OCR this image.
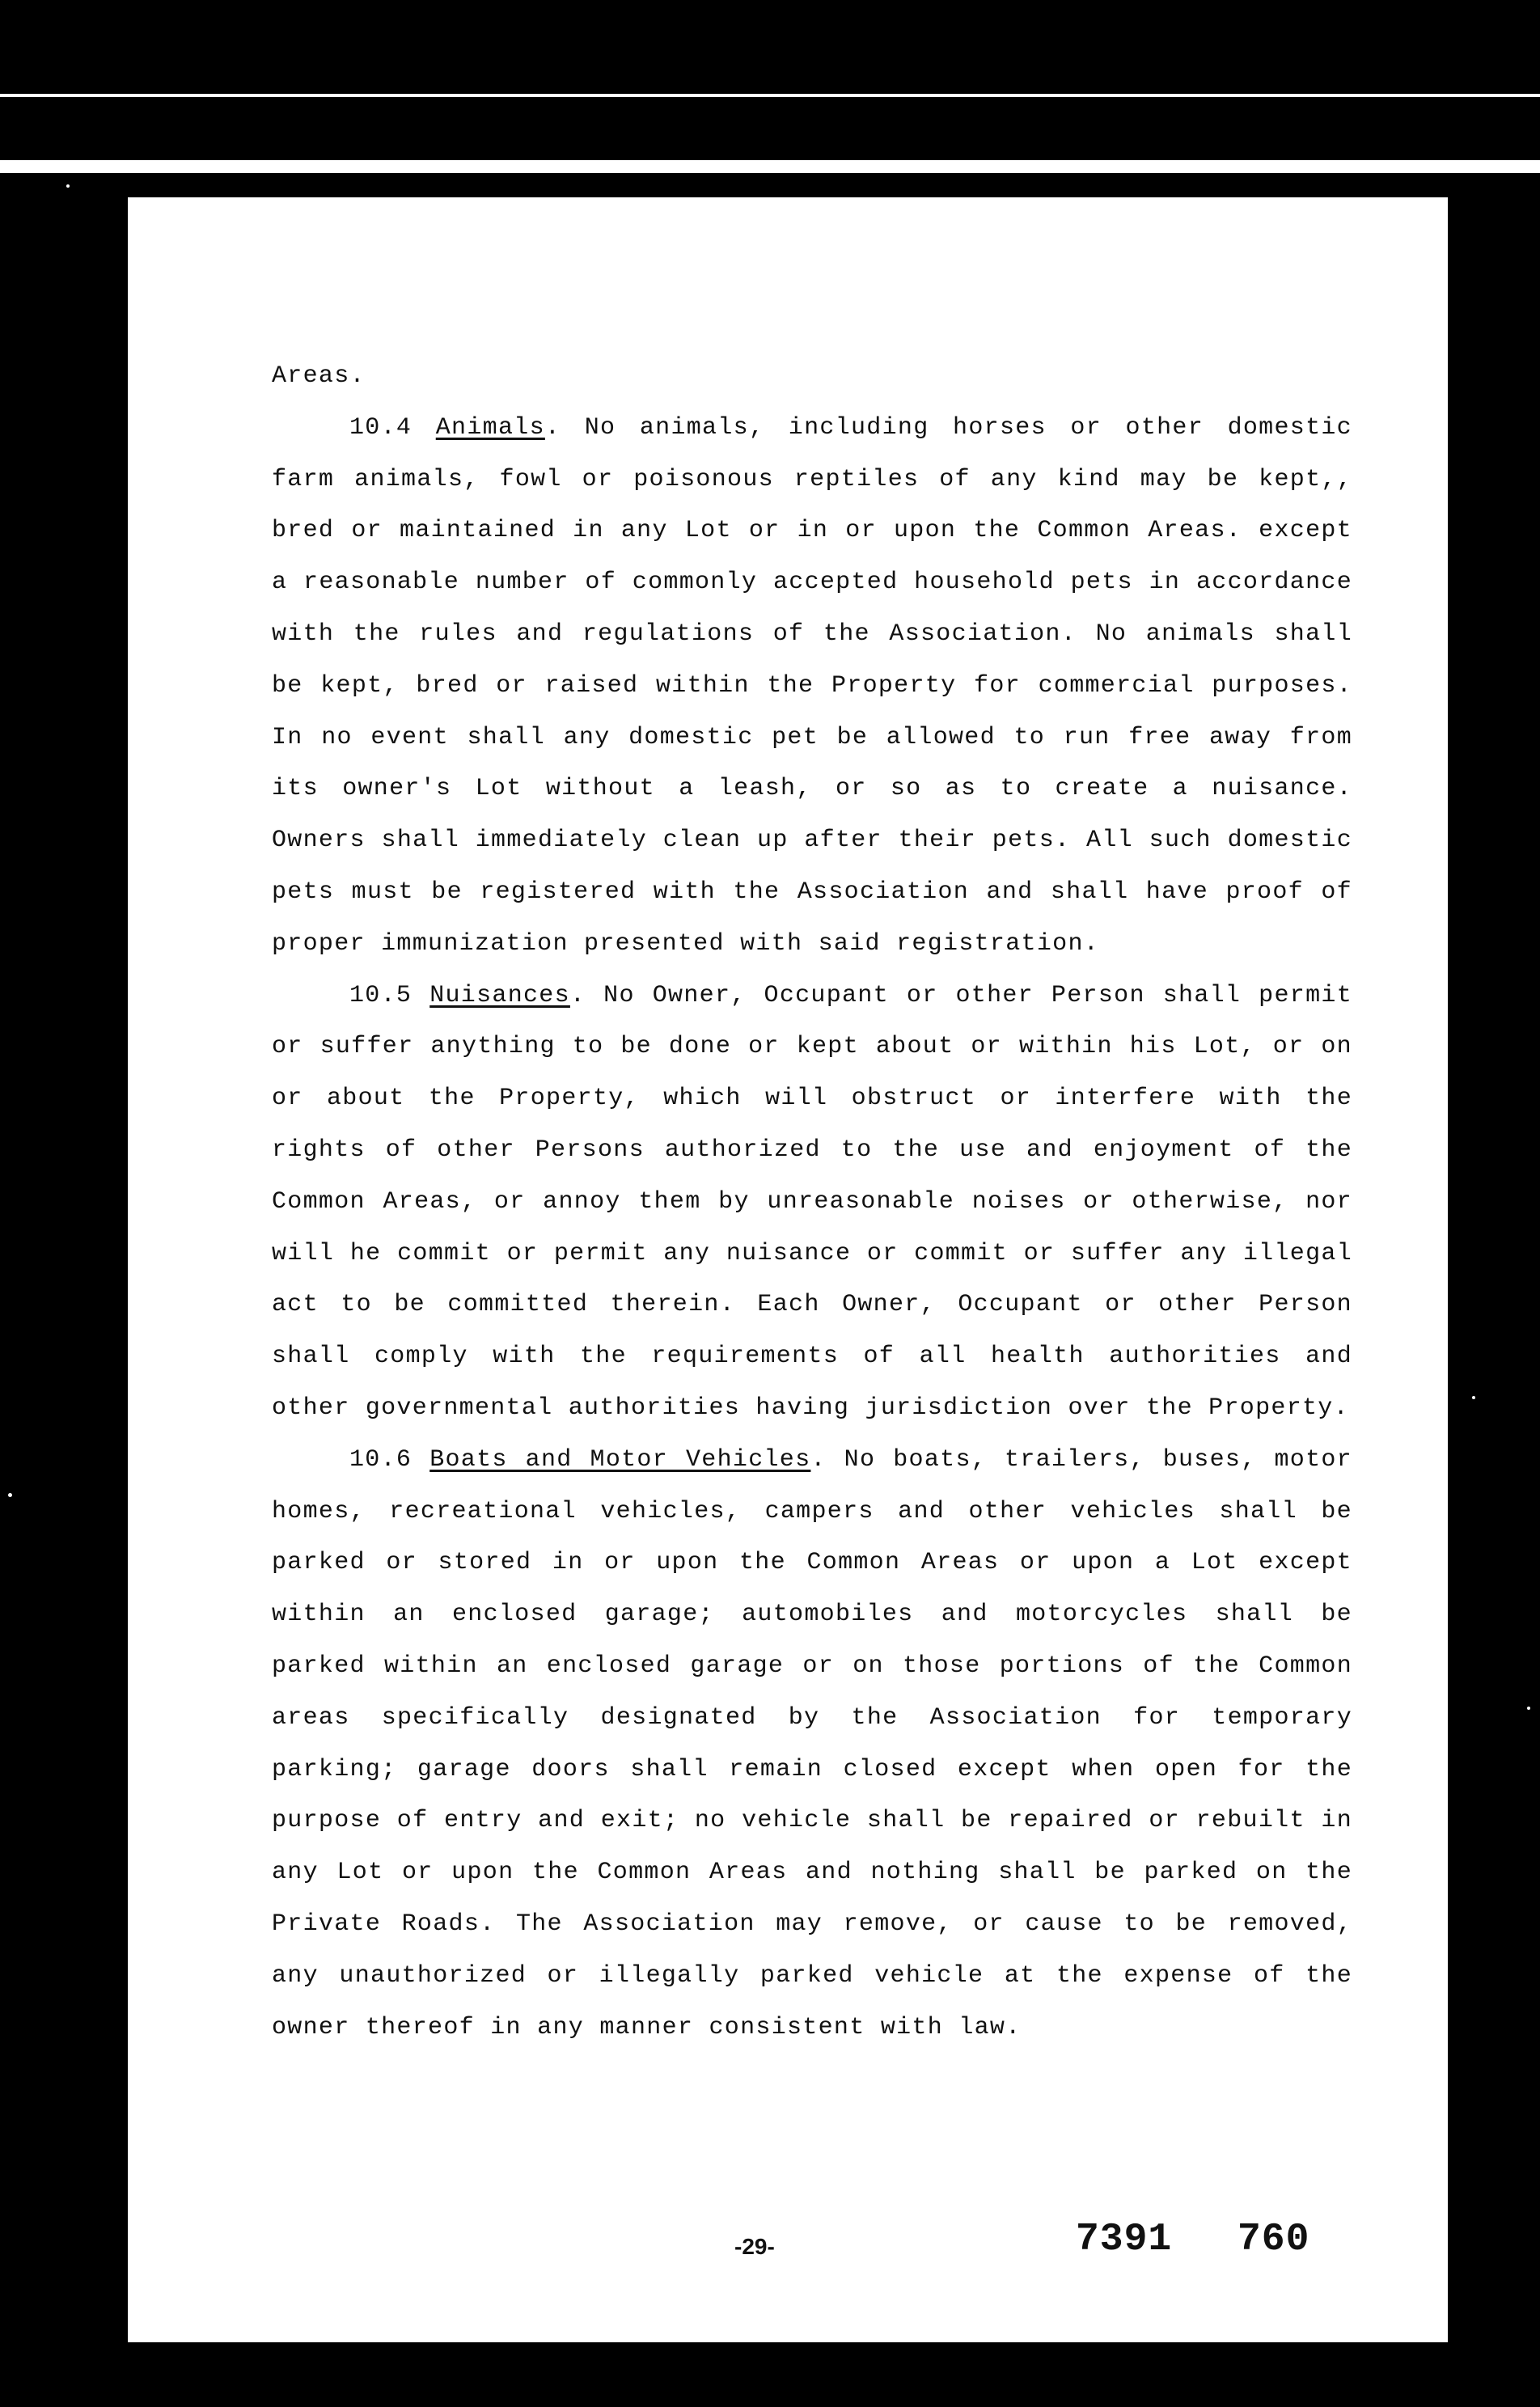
Areas.

10.4 Animals. No animals, including horses or other domestic farm animals, fowl or poisonous reptiles of any kind may be kept,, bred or maintained in any Lot or in or upon the Common Areas. except a reasonable number of commonly accepted household pets in accordance with the rules and regulations of the Association. No animals shall be kept, bred or raised within the Property for commercial purposes. In no event shall any domestic pet be allowed to run free away from its owner's Lot without a leash, or so as to create a nuisance. Owners shall immediately clean up after their pets. All such domestic pets must be registered with the Association and shall have proof of proper immunization presented with said registration.

10.5 Nuisances. No Owner, Occupant or other Person shall permit or suffer anything to be done or kept about or within his Lot, or on or about the Property, which will obstruct or interfere with the rights of other Persons authorized to the use and enjoyment of the Common Areas, or annoy them by unreasonable noises or otherwise, nor will he commit or permit any nuisance or commit or suffer any illegal act to be committed therein. Each Owner, Occupant or other Person shall comply with the requirements of all health authorities and other governmental authorities having jurisdiction over the Property.

10.6 Boats and Motor Vehicles. No boats, trailers, buses, motor homes, recreational vehicles, campers and other vehicles shall be parked or stored in or upon the Common Areas or upon a Lot except within an enclosed garage; automobiles and motorcycles shall be parked within an enclosed garage or on those portions of the Common areas specifically designated by the Association for temporary parking; garage doors shall remain closed except when open for the purpose of entry and exit; no vehicle shall be repaired or rebuilt in any Lot or upon the Common Areas and nothing shall be parked on the Private Roads. The Association may remove, or cause to be removed, any unauthorized or illegally parked vehicle at the expense of the owner thereof in any manner consistent with law.

-29-	7391 760
